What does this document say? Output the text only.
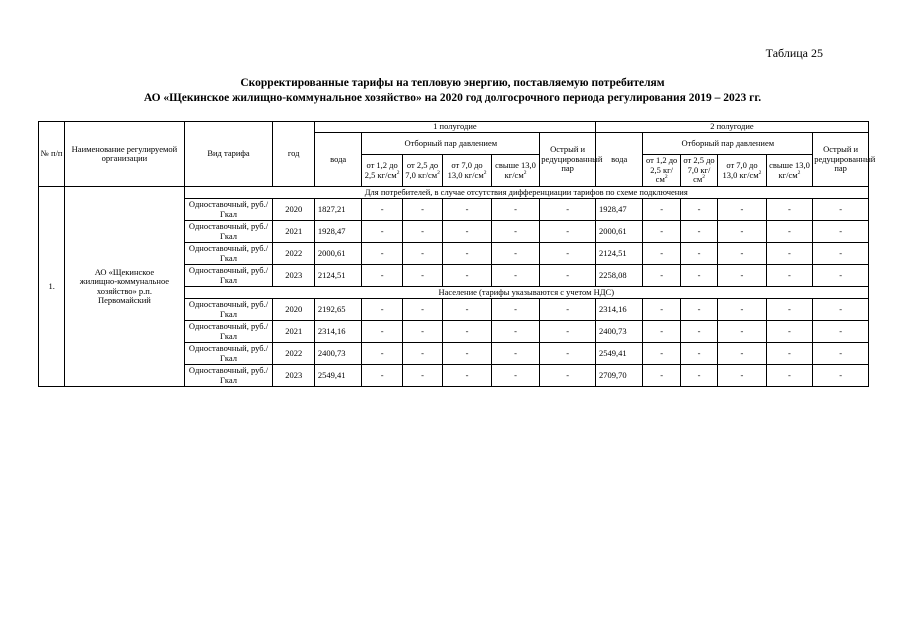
Таблица 25
Скорректированные тарифы на тепловую энергию, поставляемую потребителям
АО «Щекинское жилищно-коммунальное хозяйство» на 2020 год долгосрочного периода регулирования 2019 – 2023 гг.
№ п/п	Наименование регулируемой организации	Вид тарифа	год	1 полугодие						2 полугодие					
				вода	Отборный пар давлением				Острый и редуцированный пар	вода	Отборный пар давлением				Острый и редуцированный пар
					от 1,2 до 2,5 $кг/см^2$	от 2,5 до 7,0 $кг/см^2$	от 7,0 до 13,0 $кг/см^2$	свыше 13,0 $кг/см^2$			от 1,2 до 2,5 $кг/см^2$	от 2,5 до 7,0 $кг/см^2$	от 7,0 до 13,0 $кг/см^2$	свыше 13,0 $кг/см^2$
1.	АО «Щекинское жилищно-коммунальное хозяйство» р.п. Первомайский	Для потребителей, в случае отсутствия дифференциации тарифов по схеме подключения													
		Одноставочный, руб./Гкал	2020	1827,21	-	-	-	-	-	1928,47	-	-	-	-	-
		Одноставочный, руб./Гкал	2021	1928,47	-	-	-	-	-	2000,61	-	-	-	-	-
		Одноставочный, руб./Гкал	2022	2000,61	-	-	-	-	-	2124,51	-	-	-	-	-
		Одноставочный, руб./Гкал	2023	2124,51	-	-	-	-	-	2258,08	-	-	-	-	-
		Население (тарифы указываются с учетом НДС)													
		Одноставочный, руб./Гкал	2020	2192,65	-	-	-	-	-	2314,16	-	-	-	-	-
		Одноставочный, руб./Гкал	2021	2314,16	-	-	-	-	-	2400,73	-	-	-	-	-
		Одноставочный, руб./Гкал	2022	2400,73	-	-	-	-	-	2549,41	-	-	-	-	-
		Одноставочный, руб./Гкал	2023	2549,41	-	-	-	-	-	2709,70	-	-	-	-	-
